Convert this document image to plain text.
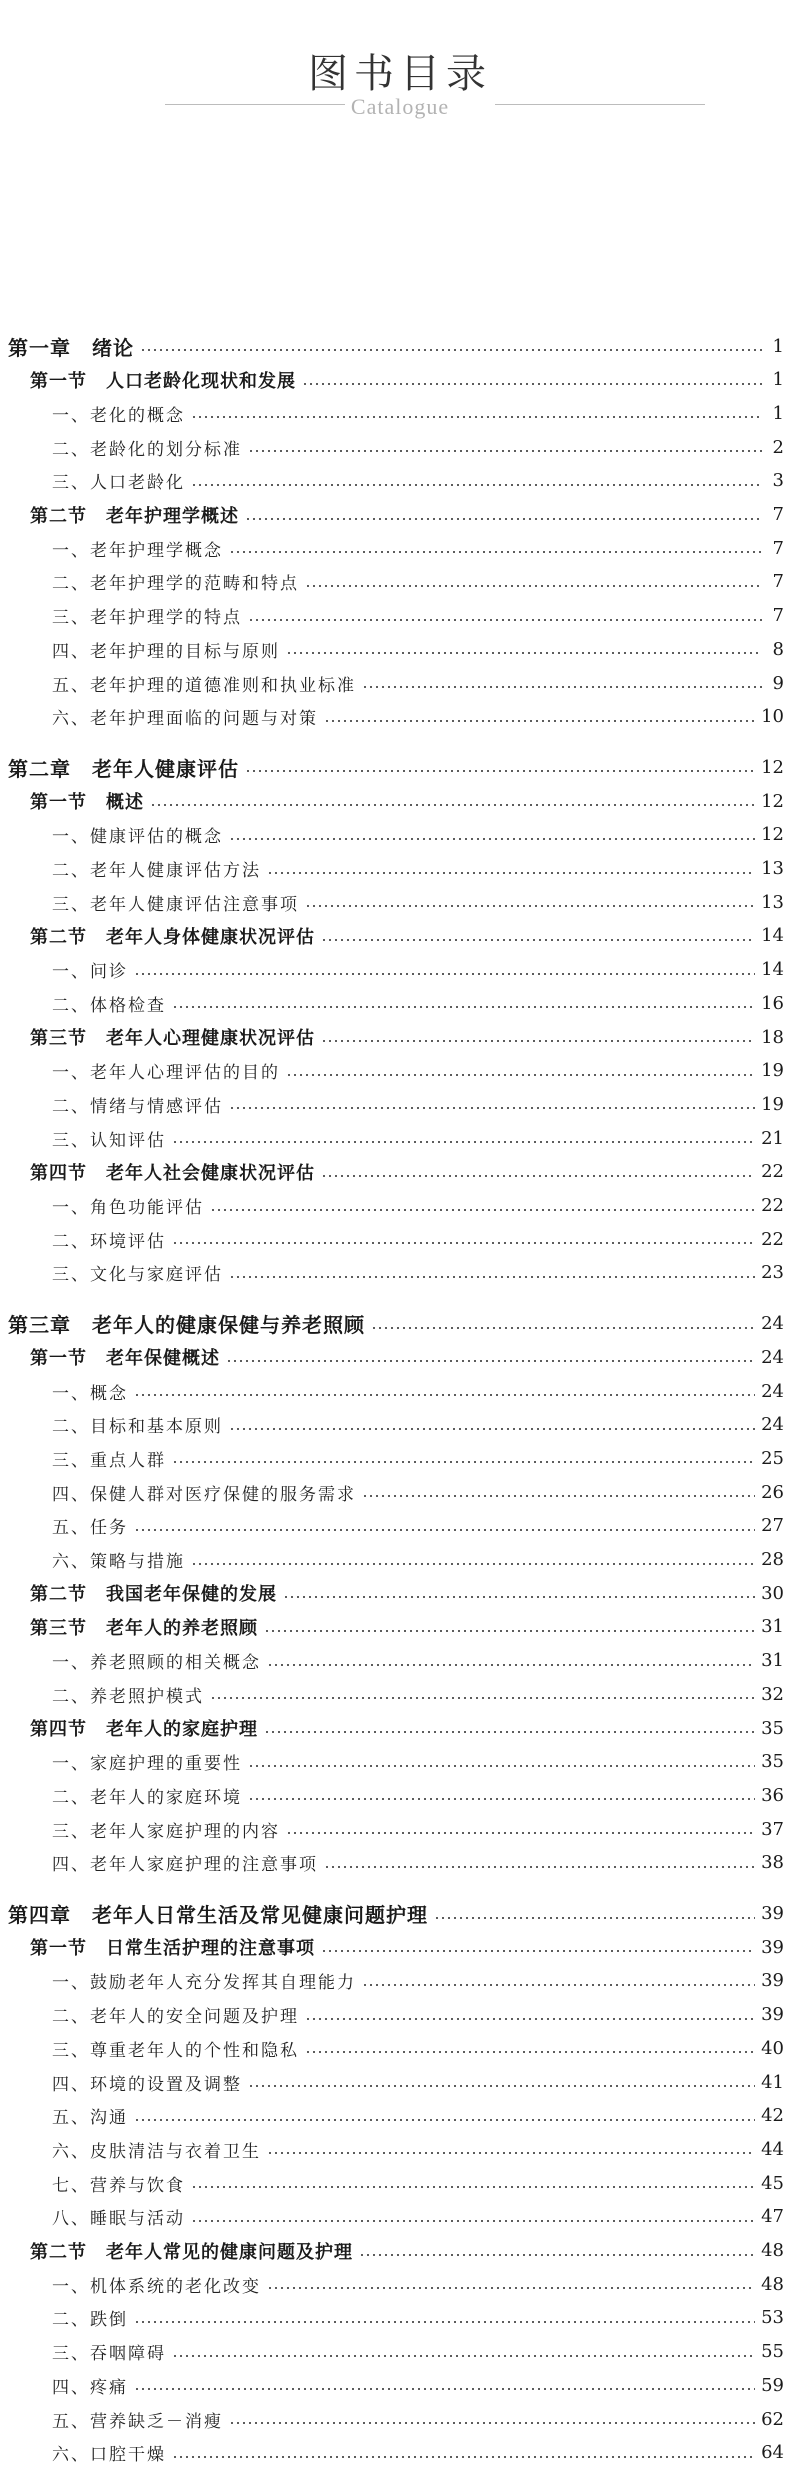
图书目录
Catalogue
第一章　绪论	1
第一节　人口老龄化现状和发展	1
一、老化的概念	1
二、老龄化的划分标准	2
三、人口老龄化	3
第二节　老年护理学概述	7
一、老年护理学概念	7
二、老年护理学的范畴和特点	7
三、老年护理学的特点	7
四、老年护理的目标与原则	8
五、老年护理的道德准则和执业标准	9
六、老年护理面临的问题与对策	10
第二章　老年人健康评估	12
第一节　概述	12
一、健康评估的概念	12
二、老年人健康评估方法	13
三、老年人健康评估注意事项	13
第二节　老年人身体健康状况评估	14
一、问诊	14
二、体格检查	16
第三节　老年人心理健康状况评估	18
一、老年人心理评估的目的	19
二、情绪与情感评估	19
三、认知评估	21
第四节　老年人社会健康状况评估	22
一、角色功能评估	22
二、环境评估	22
三、文化与家庭评估	23
第三章　老年人的健康保健与养老照顾	24
第一节　老年保健概述	24
一、概念	24
二、目标和基本原则	24
三、重点人群	25
四、保健人群对医疗保健的服务需求	26
五、任务	27
六、策略与措施	28
第二节　我国老年保健的发展	30
第三节　老年人的养老照顾	31
一、养老照顾的相关概念	31
二、养老照护模式	32
第四节　老年人的家庭护理	35
一、家庭护理的重要性	35
二、老年人的家庭环境	36
三、老年人家庭护理的内容	37
四、老年人家庭护理的注意事项	38
第四章　老年人日常生活及常见健康问题护理	39
第一节　日常生活护理的注意事项	39
一、鼓励老年人充分发挥其自理能力	39
二、老年人的安全问题及护理	39
三、尊重老年人的个性和隐私	40
四、环境的设置及调整	41
五、沟通	42
六、皮肤清洁与衣着卫生	44
七、营养与饮食	45
八、睡眠与活动	47
第二节　老年人常见的健康问题及护理	48
一、机体系统的老化改变	48
二、跌倒	53
三、吞咽障碍	55
四、疼痛	59
五、营养缺乏－消瘦	62
六、口腔干燥	64
